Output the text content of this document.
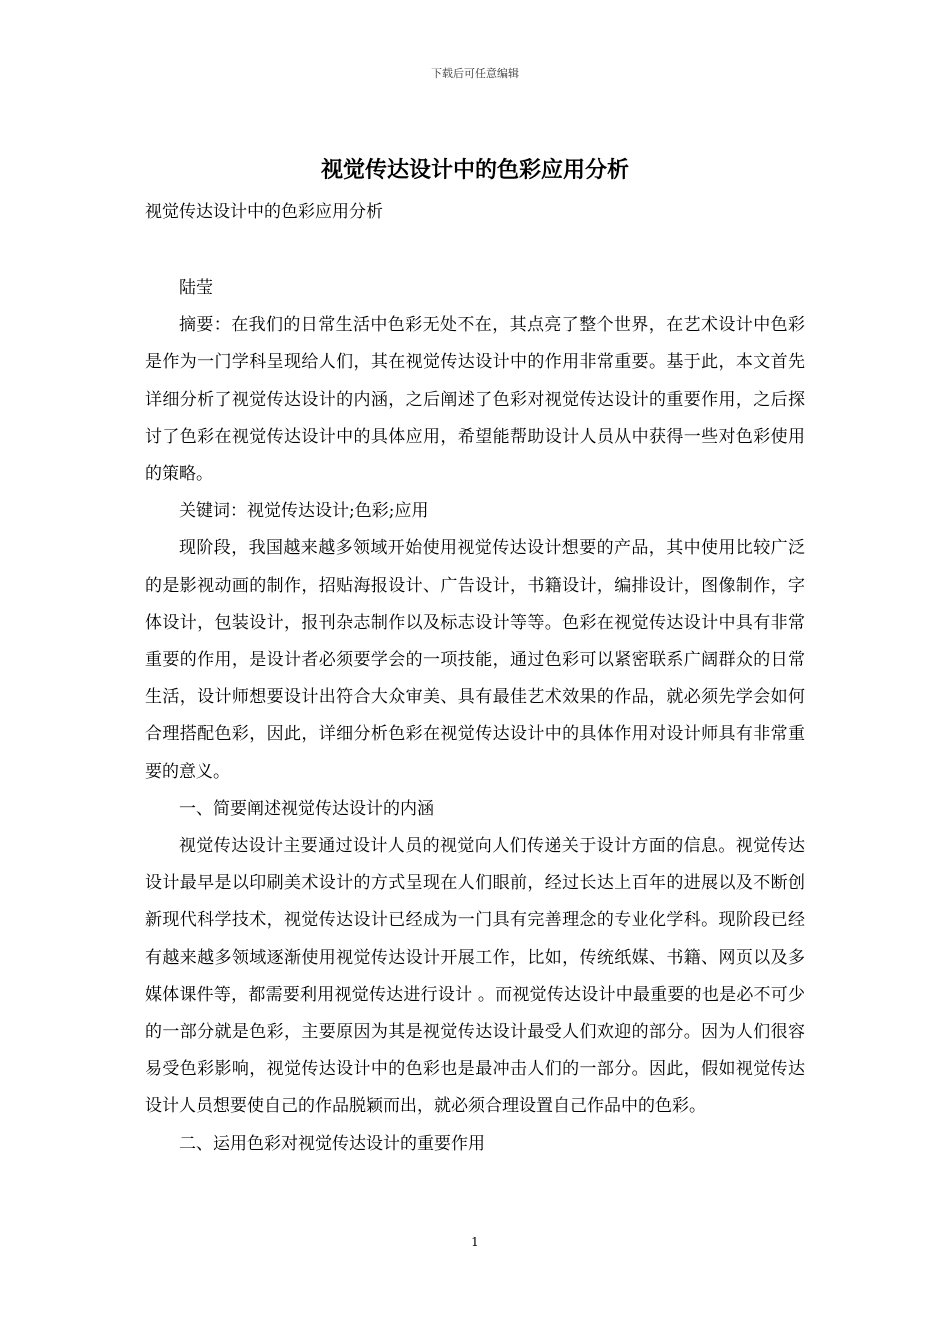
下载后可任意编辑
视觉传达设计中的色彩应用分析
视觉传达设计中的色彩应用分析

陆莹

摘要：在我们的日常生活中色彩无处不在，其点亮了整个世界，在艺术设计中色彩是作为一门学科呈现给人们，其在视觉传达设计中的作用非常重要。基于此，本文首先详细分析了视觉传达设计的内涵，之后阐述了色彩对视觉传达设计的重要作用，之后探讨了色彩在视觉传达设计中的具体应用，希望能帮助设计人员从中获得一些对色彩使用的策略。

关键词：视觉传达设计;色彩;应用

现阶段，我国越来越多领域开始使用视觉传达设计想要的产品，其中使用比较广泛的是影视动画的制作，招贴海报设计、广告设计，书籍设计，编排设计，图像制作，字体设计，包装设计，报刊杂志制作以及标志设计等等。色彩在视觉传达设计中具有非常重要的作用，是设计者必须要学会的一项技能，通过色彩可以紧密联系广阔群众的日常生活，设计师想要设计出符合大众审美、具有最佳艺术效果的作品，就必须先学会如何合理搭配色彩，因此，详细分析色彩在视觉传达设计中的具体作用对设计师具有非常重要的意义。

一、简要阐述视觉传达设计的内涵

视觉传达设计主要通过设计人员的视觉向人们传递关于设计方面的信息。视觉传达设计最早是以印刷美术设计的方式呈现在人们眼前，经过长达上百年的进展以及不断创新现代科学技术，视觉传达设计已经成为一门具有完善理念的专业化学科。现阶段已经有越来越多领域逐渐使用视觉传达设计开展工作，比如，传统纸媒、书籍、网页以及多媒体课件等，都需要利用视觉传达进行设计 。而视觉传达设计中最重要的也是必不可少的一部分就是色彩，主要原因为其是视觉传达设计最受人们欢迎的部分。因为人们很容易受色彩影响，视觉传达设计中的色彩也是最冲击人们的一部分。因此，假如视觉传达设计人员想要使自己的作品脱颖而出，就必须合理设置自己作品中的色彩。

二、运用色彩对视觉传达设计的重要作用

1
